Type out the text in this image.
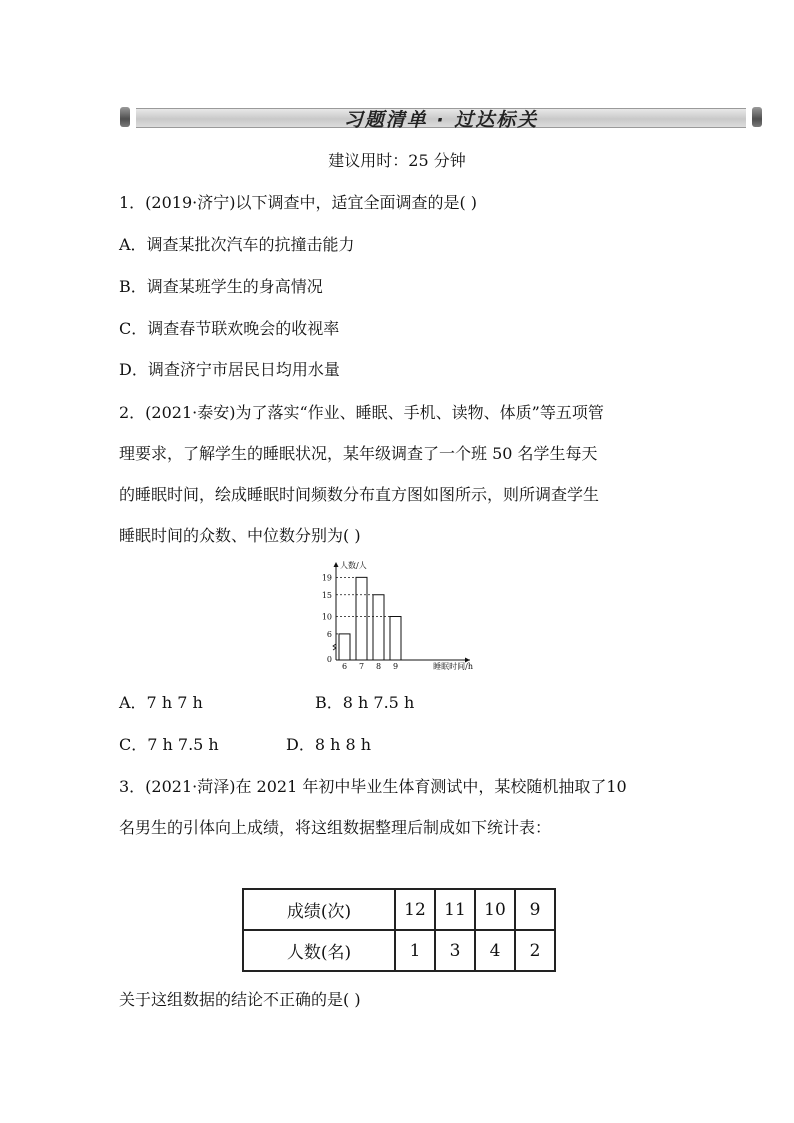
习题清单 · 过达标关
建议用时：25 分钟
1．(2019·济宁)以下调查中，适宜全面调查的是( )
A．调查某批次汽车的抗撞击能力
B．调查某班学生的身高情况
C．调查春节联欢晚会的收视率
D．调查济宁市居民日均用水量
2．(2021·泰安)为了落实“作业、睡眠、手机、读物、体质”等五项管
理要求，了解学生的睡眠状况，某年级调查了一个班 50 名学生每天
的睡眠时间，绘成睡眠时间频数分布直方图如图所示，则所调查学生
睡眠时间的众数、中位数分别为( )
人数/人
睡眠时间/h
6 7 8 9
0
6
10
15
19
A．7 h 7 h	B．8 h 7.5 h
C．7 h 7.5 h	D．8 h 8 h
3．(2021·菏泽)在 2021 年初中毕业生体育测试中，某校随机抽取了10
名男生的引体向上成绩，将这组数据整理后制成如下统计表：
成绩(次)	12	11	10	9
人数(名)	1	3	4	2
关于这组数据的结论不正确的是( )
